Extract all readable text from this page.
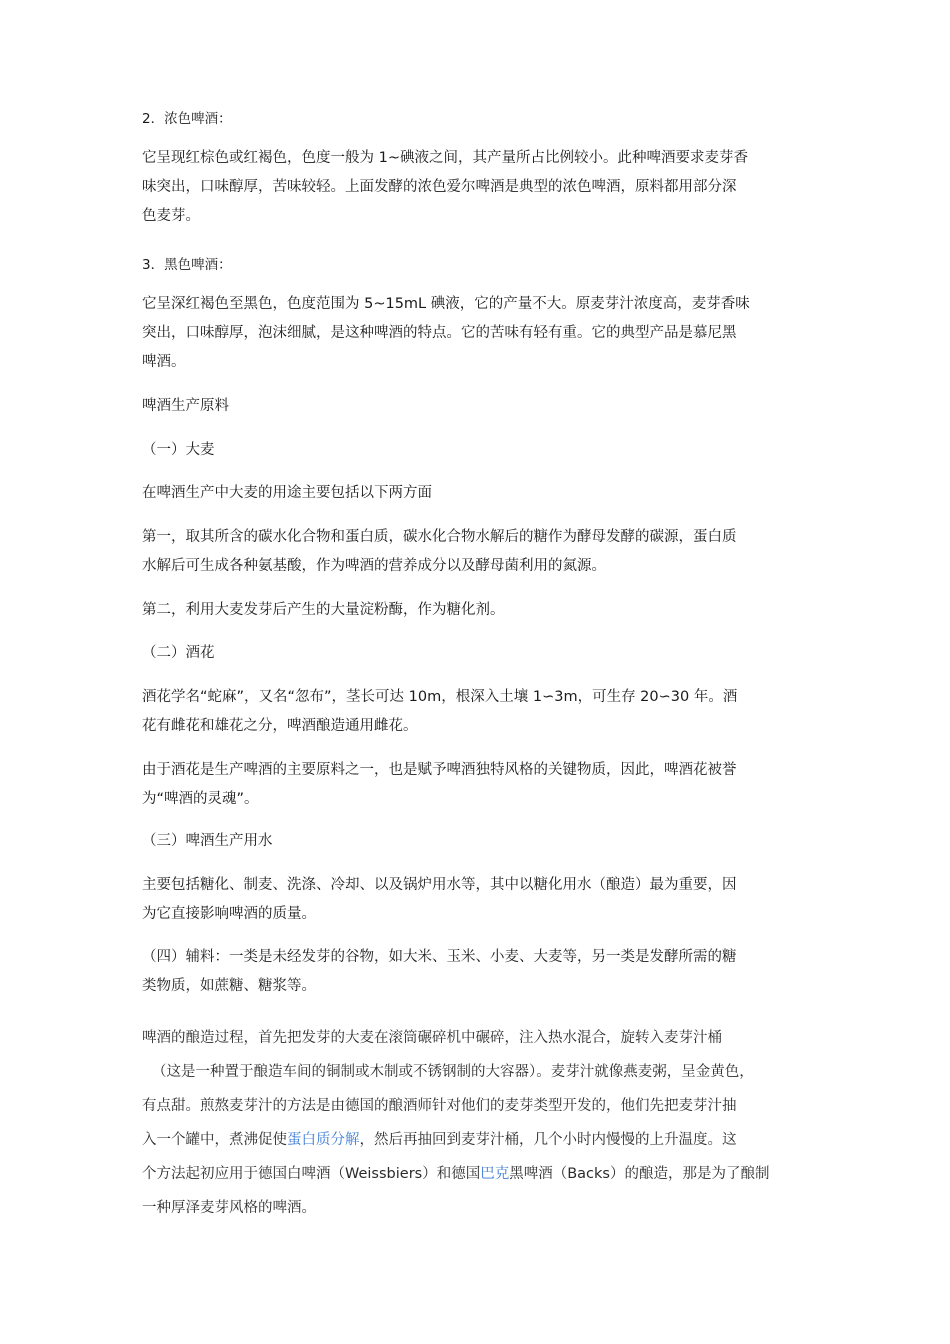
2．浓色啤酒：
它呈现红棕色或红褐色，色度一般为 1~碘液之间，其产量所占比例较小。此种啤酒要求麦芽香
味突出，口味醇厚，苦味较轻。上面发酵的浓色爱尔啤酒是典型的浓色啤酒，原料都用部分深
色麦芽。
3．黑色啤酒：
它呈深红褐色至黑色，色度范围为 5~15mL 碘液，它的产量不大。原麦芽汁浓度高，麦芽香味
突出，口味醇厚，泡沫细腻，是这种啤酒的特点。它的苦味有轻有重。它的典型产品是慕尼黑
啤酒。
啤酒生产原料
（一）大麦
在啤酒生产中大麦的用途主要包括以下两方面
第一，取其所含的碳水化合物和蛋白质，碳水化合物水解后的糖作为酵母发酵的碳源，蛋白质
水解后可生成各种氨基酸，作为啤酒的营养成分以及酵母菌利用的氮源。
第二，利用大麦发芽后产生的大量淀粉酶，作为糖化剂。
（二）酒花
酒花学名“蛇麻”，又名“忽布”，茎长可达 10m，根深入土壤 1∽3m，可生存 20∽30 年。酒
花有雌花和雄花之分，啤酒酿造通用雌花。
由于酒花是生产啤酒的主要原料之一，也是赋予啤酒独特风格的关键物质，因此，啤酒花被誉
为“啤酒的灵魂”。
（三）啤酒生产用水
主要包括糖化、制麦、洗涤、冷却、以及锅炉用水等，其中以糖化用水（酿造）最为重要，因
为它直接影响啤酒的质量。
（四）辅料：一类是未经发芽的谷物，如大米、玉米、小麦、大麦等，另一类是发酵所需的糖
类物质，如蔗糖、糖浆等。
啤酒的酿造过程，首先把发芽的大麦在滚筒碾碎机中碾碎，注入热水混合，旋转入麦芽汁桶
（这是一种置于酿造车间的铜制或木制或不锈钢制的大容器）。麦芽汁就像燕麦粥，呈金黄色，
有点甜。煎熬麦芽汁的方法是由德国的酿酒师针对他们的麦芽类型开发的，他们先把麦芽汁抽
入一个罐中，煮沸促使蛋白质分解，然后再抽回到麦芽汁桶，几个小时内慢慢的上升温度。这
个方法起初应用于德国白啤酒（Weissbiers）和德国巴克黑啤酒（Backs）的酿造，那是为了酿制
一种厚泽麦芽风格的啤酒。
